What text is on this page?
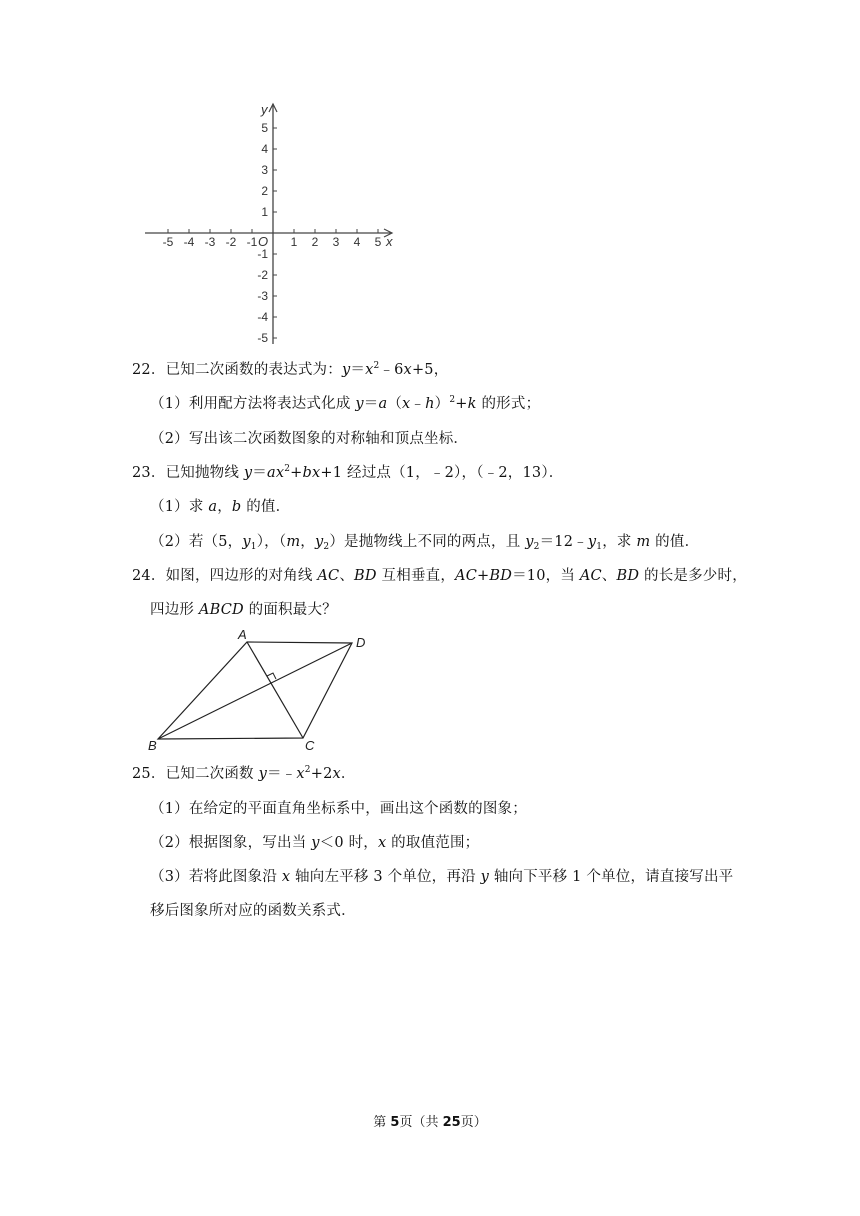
-5 -4 -3 -2 -1	1 2 3 4 5
5
4
3
2
1
-1
-2
-3
-4
-5
x
y
O
22．已知二次函数的表达式为：$y=x^2﹣6x+5$，
（1）利用配方法将表达式化成 y＝a（x﹣h）$^2$+k 的形式；
（2）写出该二次函数图象的对称轴和顶点坐标．
23．已知抛物线 $y=ax^2+bx+1$ 经过点（1，﹣2），（﹣2，13）．
（1）求 a，b 的值．
（2）若（5，$y_1$），（m，$y_2$）是抛物线上不同的两点，且 $y_2=12﹣y_1$，求 m 的值．
24．如图，四边形的对角线 AC、BD 互相垂直，AC+BD＝10，当 AC、BD 的长是多少时，
四边形 ABCD 的面积最大？
A
D
B	C
25．已知二次函数 $y=﹣x^2+2x$．
（1）在给定的平面直角坐标系中，画出这个函数的图象；
（2）根据图象，写出当 y＜0 时，x 的取值范围；
（3）若将此图象沿 x 轴向左平移 3 个单位，再沿 y 轴向下平移 1 个单位，请直接写出平
移后图象所对应的函数关系式．
第 5页（共 25页）
